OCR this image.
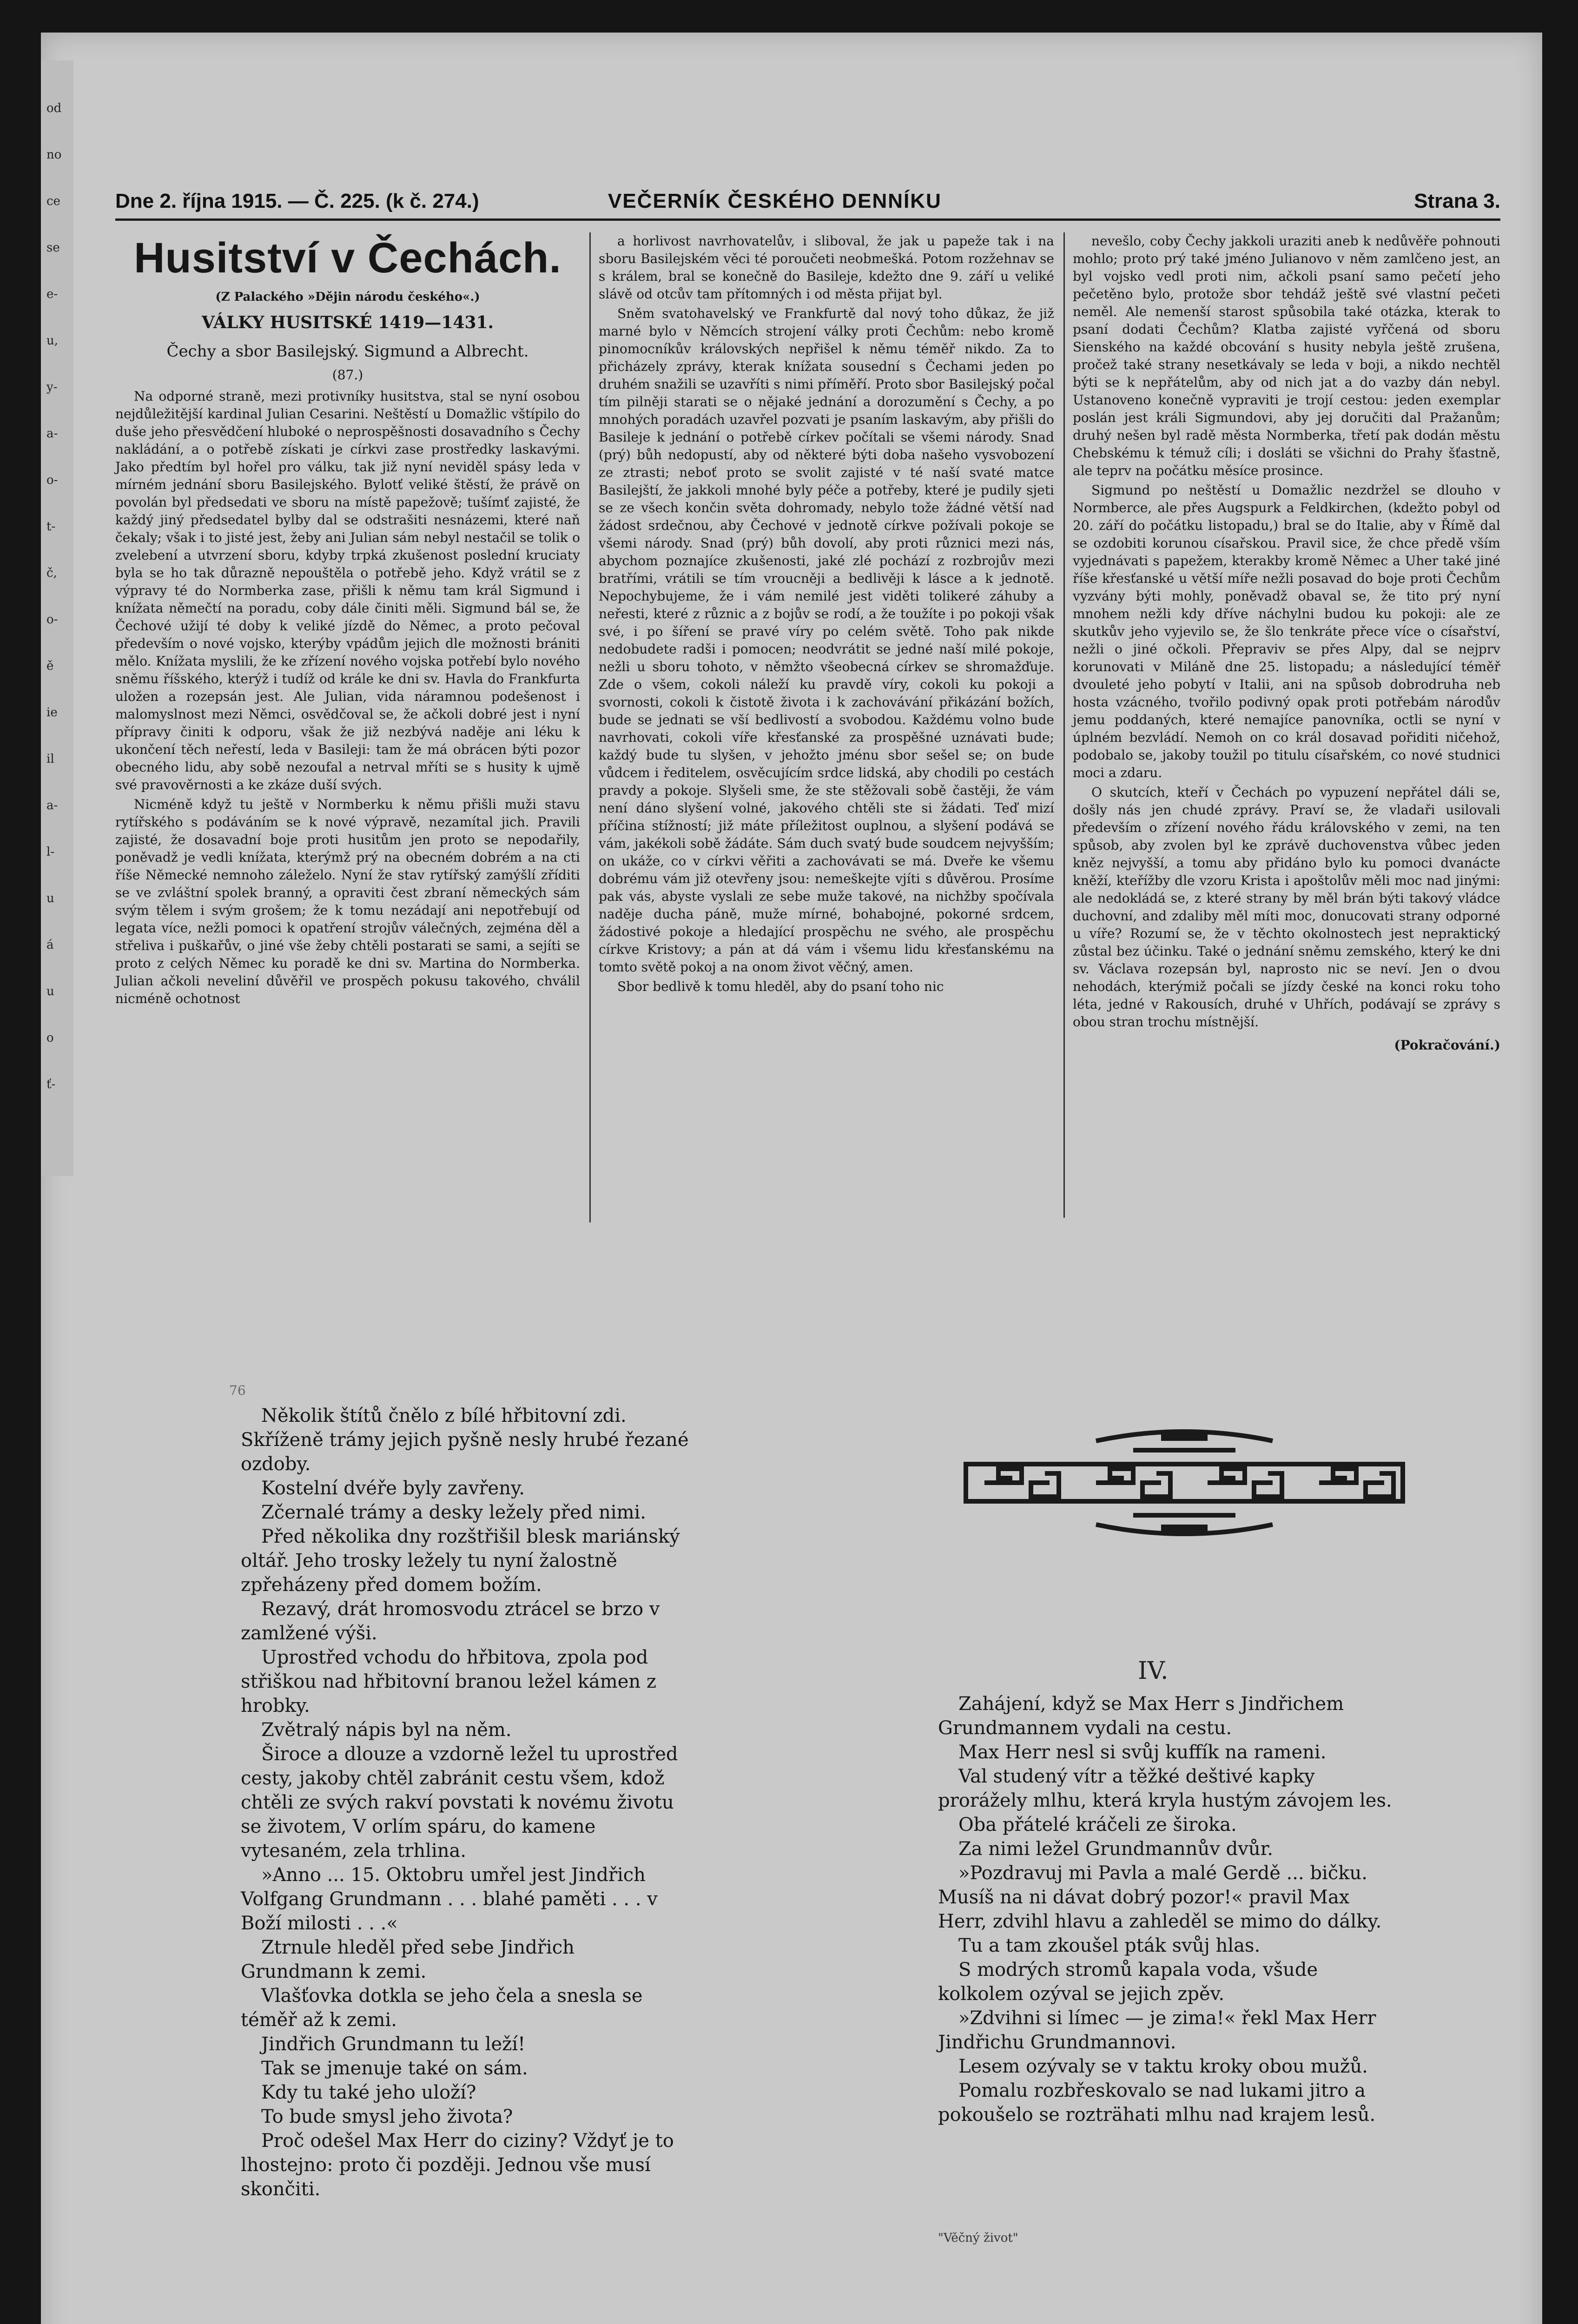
od
no
ce
se
e-
u,
y-
a-
o-
t-
č,
o-
ě
ie
il
a-
l-
u
á
u
o
ť-
Dne 2. října 1915. — Č. 225. (k č. 274.)	VEČERNÍK ČESKÉHO DENNÍKU	Strana 3.
Husitství v Čechách.
(Z Palackého »Dějin národu českého«.)
VÁLKY HUSITSKÉ 1419—1431.
Čechy a sbor Basilejský. Sigmund a Albrecht.
(87.)

Na odporné straně, mezi protivníky husitstva, stal se nyní osobou nejdůležitější kardinal Julian Cesarini. Neštěstí u Domažlic vštípilo do duše jeho přesvědčení hluboké o neprospěšnosti dosavadního s Čechy nakládání, a o potřebě získati je církvi zase prostředky laskavými. Jako předtím byl hořel pro válku, tak již nyní neviděl spásy leda v mírném jednání sboru Basilejského. Bylotť veliké štěstí, že právě on povolán byl předsedati ve sboru na místě papežově; tušímť zajisté, že každý jiný předsedatel bylby dal se odstrašiti nesnázemi, které naň čekaly; však i to jisté jest, žeby ani Julian sám nebyl nestačil se tolik o zvelebení a utvrzení sboru, kdyby trpká zkušenost poslední kruciaty byla se ho tak důrazně nepouštěla o potřebě jeho. Když vrátil se z výpravy té do Normberka zase, přišli k němu tam král Sigmund i knížata němečtí na poradu, coby dále činiti měli. Sigmund bál se, že Čechové užijí té doby k veliké jízdě do Němec, a proto pečoval především o nové vojsko, kterýby vpádům jejich dle možnosti brániti mělo. Knížata myslili, že ke zřízení nového vojska potřebí bylo nového sněmu říšského, kterýž i tudíž od krále ke dni sv. Havla do Frankfurta uložen a rozepsán jest. Ale Julian, vida náramnou podešenost i malomyslnost mezi Němci, osvědčoval se, že ačkoli dobré jest i nyní přípravy činiti k odporu, však že již nezbývá naděje ani léku k ukončení těch neřestí, leda v Basileji: tam že má obrácen býti pozor obecného lidu, aby sobě nezoufal a netrval mříti se s husity k ujmě své pravověrnosti a ke zkáze duší svých.

Nicméně když tu ještě v Normberku k němu přišli muži stavu rytířského s podáváním se k nové výpravě, nezamítal jich. Pravili zajisté, že dosavadní boje proti husitům jen proto se nepodařily, poněvadž je vedli knížata, kterýmž prý na obecném dobrém a na cti říše Německé nemnoho záleželo. Nyní že stav rytířský zamýšlí zříditi se ve zvláštní spolek branný, a opraviti čest zbraní německých sám svým tělem i svým grošem; že k tomu nezádají ani nepotřebují od legata více, nežli pomoci k opatření strojův válečných, zejména děl a střeliva i puškařův, o jiné vše žeby chtěli postarati se sami, a sejíti se proto z celých Němec ku poradě ke dni sv. Martina do Normberka. Julian ačkoli neveliní důvěřil ve prospěch pokusu takového, chválil nicméně ochotnost

a horlivost navrhovatelův, i sliboval, že jak u papeže tak i na sboru Basilejském věci té poroučeti neobmešká. Potom rozžehnav se s králem, bral se konečně do Basileje, kdežto dne 9. září u veliké slávě od otcův tam přítomných i od města přijat byl.

Sněm svatohavelský ve Frankfurtě dal nový toho důkaz, že již marné bylo v Němcích strojení války proti Čechům: nebo kromě pinomocníkův královských nepřišel k němu téměř nikdo. Za to přicházely zprávy, kterak knížata sousední s Čechami jeden po druhém snažili se uzavříti s nimi příměří. Proto sbor Basilejský počal tím pilněji starati se o nějaké jednání a dorozumění s Čechy, a po mnohých poradách uzavřel pozvati je psaním laskavým, aby přišli do Basileje k jednání o potřebě církev počítali se všemi národy. Snad (prý) bůh nedopustí, aby od některé býti doba našeho vysvobození ze ztrasti; neboť proto se svolit zajisté v té naší svaté matce Basilejští, že jakkoli mnohé byly péče a potřeby, které je pudily sjeti se ze všech končin světa dohromady, nebylo tože žádné větší nad žádost srdečnou, aby Čechové v jednotě církve požívali pokoje se všemi národy. Snad (prý) bůh dovolí, aby proti různici mezi nás, abychom poznajíce zkušenosti, jaké zlé pochází z rozbrojův mezi bratřími, vrátili se tím vroucněji a bedlivěji k lásce a k jednotě. Nepochybujeme, že i vám nemilé jest viděti tolikeré záhuby a neřesti, které z různic a z bojův se rodí, a že toužíte i po pokoji však své, i po šíření se pravé víry po celém světě. Toho pak nikde nedobudete radši i pomocen; neodvrátit se jedné naší milé pokoje, nežli u sboru tohoto, v němžto všeobecná církev se shromažďuje. Zde o všem, cokoli náleží ku pravdě víry, cokoli ku pokoji a svornosti, cokoli k čistotě života i k zachovávání přikázání božích, bude se jednati se vší bedlivostí a svobodou. Každému volno bude navrhovati, cokoli víře křesťanské za prospěšné uznávati bude; každý bude tu slyšen, v jehožto jménu sbor sešel se; on bude vůdcem i ředitelem, osvěcujícím srdce lidská, aby chodili po cestách pravdy a pokoje. Slyšeli sme, že ste stěžovali sobě častěji, že vám není dáno slyšení volné, jakového chtěli ste si žádati. Teď mizí příčina stížností; již máte příležitost ouplnou, a slyšení podává se vám, jakékoli sobě žádáte. Sám duch svatý bude soudcem nejvyšším; on ukáže, co v církvi věřiti a zachovávati se má. Dveře ke všemu dobrému vám již otevřeny jsou: nemeškejte vjíti s důvěrou. Prosíme pak vás, abyste vyslali ze sebe muže takové, na nichžby spočívala naděje ducha páně, muže mírné, bohabojné, pokorné srdcem, žádostivé pokoje a hledající prospěchu ne svého, ale prospěchu církve Kristovy; a pán at dá vám i všemu lidu křesťanskému na tomto světě pokoj a na onom život věčný, amen.

Sbor bedlivě k tomu hleděl, aby do psaní toho nic

nevešlo, coby Čechy jakkoli uraziti aneb k nedůvěře pohnouti mohlo; proto prý také jméno Julianovo v něm zamlčeno jest, an byl vojsko vedl proti nim, ačkoli psaní samo pečetí jeho pečetěno bylo, protože sbor tehdáž ještě své vlastní pečeti neměl. Ale nemenší starost spůsobila také otázka, kterak to psaní dodati Čechům? Klatba zajisté vyřčená od sboru Sienského na každé obcování s husity nebyla ještě zrušena, pročež také strany nesetkávaly se leda v boji, a nikdo nechtěl býti se k nepřátelům, aby od nich jat a do vazby dán nebyl. Ustanoveno konečně vypraviti je trojí cestou: jeden exemplar poslán jest králi Sigmundovi, aby jej doručiti dal Pražanům; druhý nešen byl radě města Normberka, třetí pak dodán městu Chebskému k témuž cíli; i dosláti se všichni do Prahy šťastně, ale teprv na počátku měsíce prosince.

Sigmund po neštěstí u Domažlic nezdržel se dlouho v Normberce, ale přes Augspurk a Feldkirchen, (kdežto pobyl od 20. září do počátku listopadu,) bral se do Italie, aby v Římě dal se ozdobiti korunou císařskou. Pravil sice, že chce předě vším vyjednávati s papežem, kterakby kromě Němec a Uher také jiné říše křesťanské u větší míře nežli posavad do boje proti Čechům vyzvány býti mohly, poněvadž obaval se, že tito prý nyní mnohem nežli kdy dříve náchylni budou ku pokoji: ale ze skutkův jeho vyjevilo se, že šlo tenkráte přece více o císařství, nežli o jiné očkoli. Přepraviv se přes Alpy, dal se nejprv korunovati v Miláně dne 25. listopadu; a následující téměř dvouleté jeho pobytí v Italii, ani na spůsob dobrodruha neb hosta vzácného, tvořilo podivný opak proti potřebám národův jemu poddaných, které nemajíce panovníka, octli se nyní v úplném bezvládí. Nemoh on co král dosavad pořiditi ničehož, podobalo se, jakoby toužil po titulu císařském, co nové studnici moci a zdaru.

O skutcích, kteří v Čechách po vypuzení nepřátel dáli se, došly nás jen chudé zprávy. Praví se, že vladaři usilovali především o zřízení nového řádu královského v zemi, na ten spůsob, aby zvolen byl ke zprávě duchovenstva vůbec jeden kněz nejvyšší, a tomu aby přidáno bylo ku pomoci dvanácte kněží, kteřížby dle vzoru Krista i apoštolův měli moc nad jinými: ale nedokládá se, z které strany by měl brán býti takový vládce duchovní, and zdaliby měl míti moc, donucovati strany odporné u víře? Rozumí se, že v těchto okolnostech jest nepraktický zůstal bez účinku. Také o jednání sněmu zemského, který ke dni sv. Václava rozepsán byl, naprosto nic se neví. Jen o dvou nehodách, kterýmiž počali se jízdy české na konci roku toho léta, jedné v Rakousích, druhé v Uhřích, podávají se zprávy s obou stran trochu místnější.

(Pokračování.)
76

Několik štítů čnělo z bílé hřbitovní zdi. Skříženě trámy jejich pyšně nesly hrubé řezané ozdoby.

Kostelní dvéře byly zavřeny.

Zčernalé trámy a desky ležely před nimi.

Před několika dny rozštřišil blesk mariánský oltář. Jeho trosky ležely tu nyní žalostně zpřeházeny před domem božím.

Rezavý, drát hromosvodu ztrácel se brzo v zamlžené výši.

Uprostřed vchodu do hřbitova, zpola pod střiškou nad hřbitovní branou ležel kámen z hrobky.

Zvětralý nápis byl na něm.

Široce a dlouze a vzdorně ležel tu uprostřed cesty, jakoby chtěl zabránit cestu všem, kdož chtěli ze svých rakví povstati k novému životu se životem, V orlím spáru, do kamene vytesaném, zela trhlina.

»Anno ... 15. Oktobru umřel jest Jindřich Volfgang Grundmann . . . blahé paměti . . . v Boží milosti . . .«

Ztrnule hleděl před sebe Jindřich Grundmann k zemi.

Vlašťovka dotkla se jeho čela a snesla se téměř až k zemi.

Jindřich Grundmann tu leží!

Tak se jmenuje také on sám.

Kdy tu také jeho uloží?

To bude smysl jeho života?

Proč odešel Max Herr do ciziny? Vždyť je to lhostejno: proto či později. Jednou vše musí skončiti.

IV.

Zahájení, když se Max Herr s Jindřichem Grundmannem vydali na cestu.

Max Herr nesl si svůj kuffík na rameni.

Val studený vítr a těžké deštivé kapky prorážely mlhu, která kryla hustým závojem les.

Oba přátelé kráčeli ze široka.

Za nimi ležel Grundmannův dvůr.

»Pozdravuj mi Pavla a malé Gerdě ... bičku. Musíš na ni dávat dobrý pozor!« pravil Max Herr, zdvihl hlavu a zahleděl se mimo do dálky.

Tu a tam zkoušel pták svůj hlas.

S modrých stromů kapala voda, všude kolkolem ozýval se jejich zpěv.

»Zdvihni si límec — je zima!« řekl Max Herr Jindřichu Grundmannovi.

Lesem ozývaly se v taktu kroky obou mužů.

Pomalu rozbřeskovalo se nad lukami jitro a pokoušelo se rozträhati mlhu nad krajem lesů.

"Věčný život"
